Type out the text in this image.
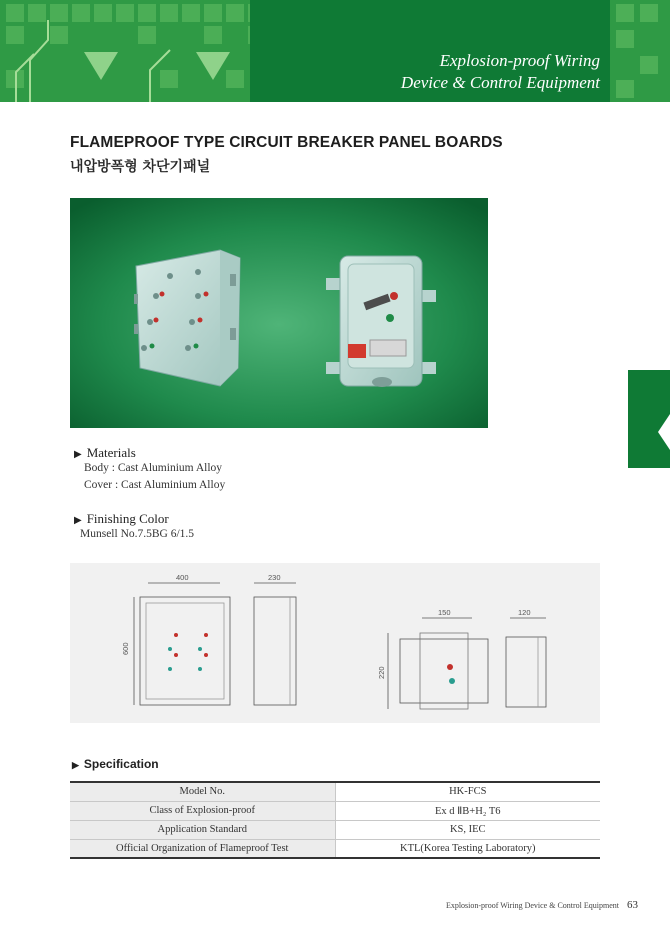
Explosion-proof Wiring
Device & Control Equipment
FLAMEPROOF TYPE CIRCUIT BREAKER PANEL BOARDS
내압방폭형 차단기패널
▶ Materials
Body : Cast Aluminium Alloy
Cover : Cast Aluminium Alloy
▶ Finishing Color
Munsell No.7.5BG 6/1.5
400	230
600
150	120
220
▶ Specification
Model No.	HK-FCS
Class of Explosion-proof	Ex d ⅡB+H₂ T6
Application Standard	KS, IEC
Official Organization of Flameproof Test	KTL(Korea Testing Laboratory)
Explosion-proof Wiring Device & Control Equipment 63
